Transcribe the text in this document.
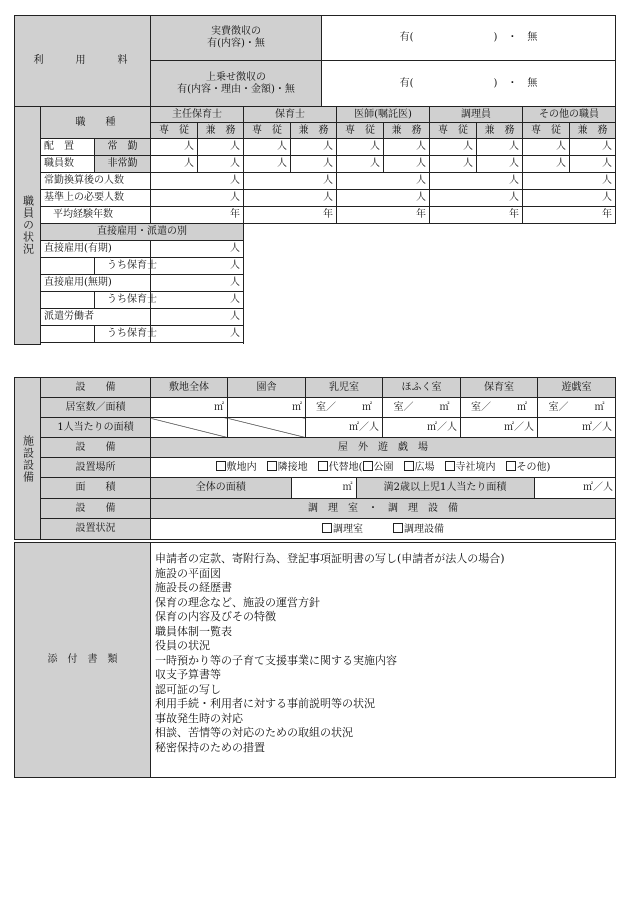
利　　用　　料	実費徴収の
有(内容)・無	有( )　 ・　 無
	上乗せ徴収の
有(内容・理由・金額)・無	有( )　 ・　 無
職員の状況	職　　種		主任保育士		保育士		医師(嘱託医)		調理員		その他の職員	
			専　従	兼　務	専　従	兼　務	専　従	兼　務	専　従	兼　務	専　従	兼　務
	配　置	常　勤	人	人	人	人	人	人	人	人	人	人
	職員数	非常勤	人	人	人	人	人	人	人	人	人	人
	常勤換算後の人数		人		人		人		人		人	
	基準上の必要人数		人		人		人		人		人	
	平均経験年数		年		年		年		年		年	
	直接雇用・派遣の別											
	直接雇用(有期)		人									
		うち保育士	人									
	直接雇用(無期)		人									
		うち保育士	人									
	派遣労働者		人									
		うち保育士	人									

施設設備	設　　備	敷地全体	園舎	乳児室	ほふく室	保育室	遊戯室
居室数／面積	㎡	㎡	室／	㎡	室／	㎡	室／	㎡	室／	㎡
1人当たりの面積			㎡／人	㎡／人	㎡／人	㎡／人
設　　備	屋　外　遊　戯　場
設置場所	敷地内　 隣接地　 代替地( 公園　 広場　 寺社境内　 その他)
面　　積		全体の面積	㎡	満2歳以上児1人当たり面積	㎡／人

設　　備	調　理　室　・　調　理　設　備
設置状況	調理室　　　	調理設備
添　付　書　類	
申請者の定款、寄附行為、登記事項証明書の写し(申請者が法人の場合)
施設の平面図
施設長の経歴書
保育の理念など、施設の運営方針
保育の内容及びその特徴
職員体制一覧表
役員の状況
一時預かり等の子育て支援事業に関する実施内容
収支予算書等
認可証の写し
利用手続・利用者に対する事前説明等の状況
事故発生時の対応
相談、苦情等の対応のための取組の状況
秘密保持のための措置
